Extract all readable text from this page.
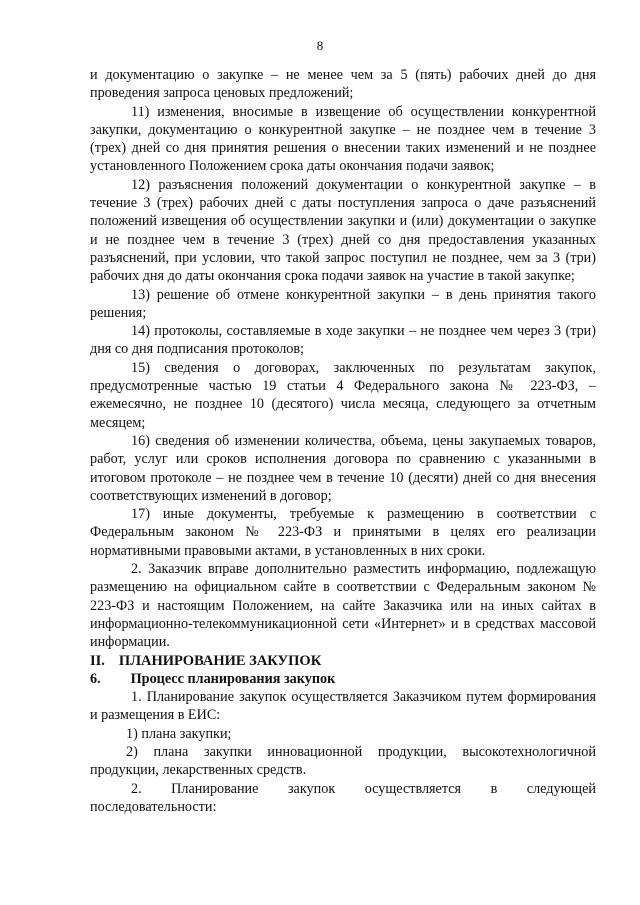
8

и документацию о закупке – не менее чем за 5 (пять) рабочих дней до дня проведения запроса ценовых предложений;

11) изменения, вносимые в извещение об осуществлении конкурентной закупки, документацию о конкурентной закупке – не позднее чем в течение 3 (трех) дней со дня принятия решения о внесении таких изменений и не позднее установленного Положением срока даты окончания подачи заявок;

12) разъяснения положений документации о конкурентной закупке – в течение 3 (трех) рабочих дней с даты поступления запроса о даче разъяснений положений извещения об осуществлении закупки и (или) документации о закупке и не позднее чем в течение 3 (трех) дней со дня предоставления указанных разъяснений, при условии, что такой запрос поступил не позднее, чем за 3 (три) рабочих дня до даты окончания срока подачи заявок на участие в такой закупке;

13) решение об отмене конкурентной закупки – в день принятия такого решения;

14) протоколы, составляемые в ходе закупки – не позднее чем через 3 (три) дня со дня подписания протоколов;

15) сведения о договорах, заключенных по результатам закупок, предусмотренные частью 19 статьи 4 Федерального закона № 223-ФЗ, – ежемесячно, не позднее 10 (десятого) числа месяца, следующего за отчетным месяцем;

16) сведения об изменении количества, объема, цены закупаемых товаров, работ, услуг или сроков исполнения договора по сравнению с указанными в итоговом протоколе – не позднее чем в течение 10 (десяти) дней со дня внесения соответствующих изменений в договор;

17) иные документы, требуемые к размещению в соответствии с Федеральным законом № 223-ФЗ и принятыми в целях его реализации нормативными правовыми актами, в установленных в них сроки.

2. Заказчик вправе дополнительно разместить информацию, подлежащую размещению на официальном сайте в соответствии с Федеральным законом № 223-ФЗ и настоящим Положением, на сайте Заказчика или на иных сайтах в информационно-телекоммуникационной сети «Интернет» и в средствах массовой информации.

II. ПЛАНИРОВАНИЕ ЗАКУПОК

6. Процесс планирования закупок

1. Планирование закупок осуществляется Заказчиком путем формирования и размещения в ЕИС:

1) плана закупки;

2) плана закупки инновационной продукции, высокотехнологичной продукции, лекарственных средств.

2. Планирование закупок осуществляется в следующей последовательности:
